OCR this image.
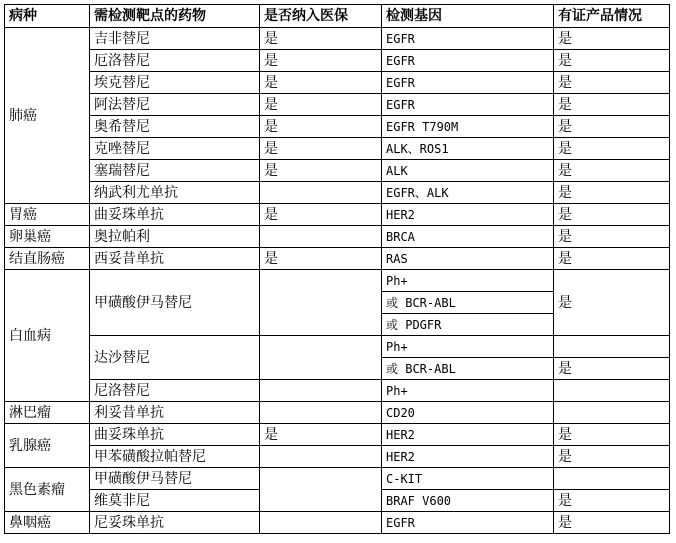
病种	需检测靶点的药物	是否纳入医保	检测基因	有证产品情况
肺癌	吉非替尼	是	EGFR	是
	厄洛替尼	是	EGFR	是
	埃克替尼	是	EGFR	是
	阿法替尼	是	EGFR	是
	奥希替尼	是	EGFR T790M	是
	克唑替尼	是	ALK、ROS1	是
	塞瑞替尼	是	ALK	是
	纳武利尤单抗		EGFR、ALK	是
胃癌	曲妥珠单抗	是	HER2	是
卵巢癌	奥拉帕利		BRCA	是
结直肠癌	西妥昔单抗	是	RAS	是
白血病	甲磺酸伊马替尼		Ph+	是
			或 BCR-ABL	
			或 PDGFR	
	达沙替尼		Ph+	
			或 BCR-ABL	是
	尼洛替尼		Ph+	
淋巴瘤	利妥昔单抗		CD20	
乳腺癌	曲妥珠单抗	是	HER2	是
	甲苯磺酸拉帕替尼		HER2	是
黑色素瘤	甲磺酸伊马替尼		C-KIT	
	维莫非尼		BRAF V600	是
鼻咽癌	尼妥珠单抗		EGFR	是
